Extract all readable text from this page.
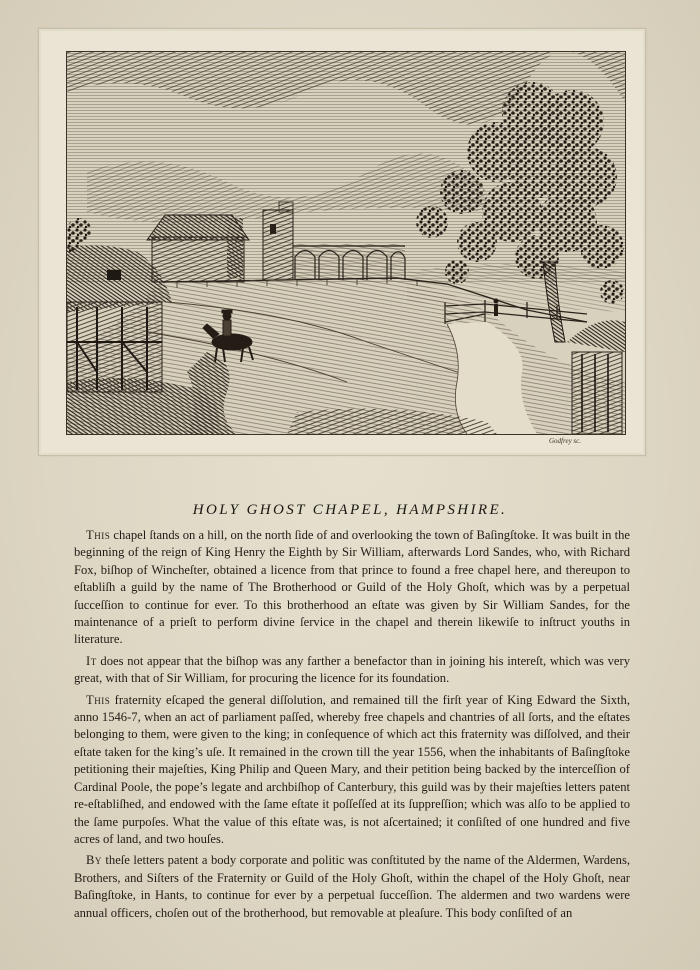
Godfrey sc.
HOLY GHOST CHAPEL, HAMPSHIRE.

This chapel ſtands on a hill, on the north ſide of and overlooking the town of Baſingſtoke. It was built in the beginning of the reign of King Henry the Eighth by Sir William, afterwards Lord Sandes, who, with Richard Fox, biſhop of Wincheſter, obtained a licence from that prince to found a free chapel here, and thereupon to eſtabliſh a guild by the name of The Brotherhood or Guild of the Holy Ghoſt, which was by a perpetual ſucceſſion to continue for ever. To this brotherhood an eſtate was given by Sir William Sandes, for the maintenance of a prieſt to perform divine ſervice in the chapel and therein likewiſe to inſtruct youths in literature.

It does not appear that the biſhop was any farther a benefactor than in joining his intereſt, which was very great, with that of Sir William, for procuring the licence for its foundation.

This fraternity eſcaped the general diſſolution, and remained till the firſt year of King Edward the Sixth, anno 1546-7, when an act of parliament paſſed, whereby free chapels and chantries of all ſorts, and the eſtates belonging to them, were given to the king; in conſequence of which act this fraternity was diſſolved, and their eſtate taken for the king’s uſe. It remained in the crown till the year 1556, when the inhabitants of Baſingſtoke petitioning their majeſties, King Philip and Queen Mary, and their petition being backed by the interceſſion of Cardinal Poole, the pope’s legate and archbiſhop of Canterbury, this guild was by their majeſties letters patent re-eſtabliſhed, and endowed with the ſame eſtate it poſſeſſed at its ſuppreſſion; which was alſo to be applied to the ſame purpoſes. What the value of this eſtate was, is not aſcertained; it conſiſted of one hundred and five acres of land, and two houſes.

By theſe letters patent a body corporate and politic was conſtituted by the name of the Aldermen, Wardens, Brothers, and Siſters of the Fraternity or Guild of the Holy Ghoſt, within the chapel of the Holy Ghoſt, near Baſingſtoke, in Hants, to continue for ever by a perpetual ſucceſſion. The aldermen and two wardens were annual officers, choſen out of the brotherhood, but removable at pleaſure. This body conſiſted of an
